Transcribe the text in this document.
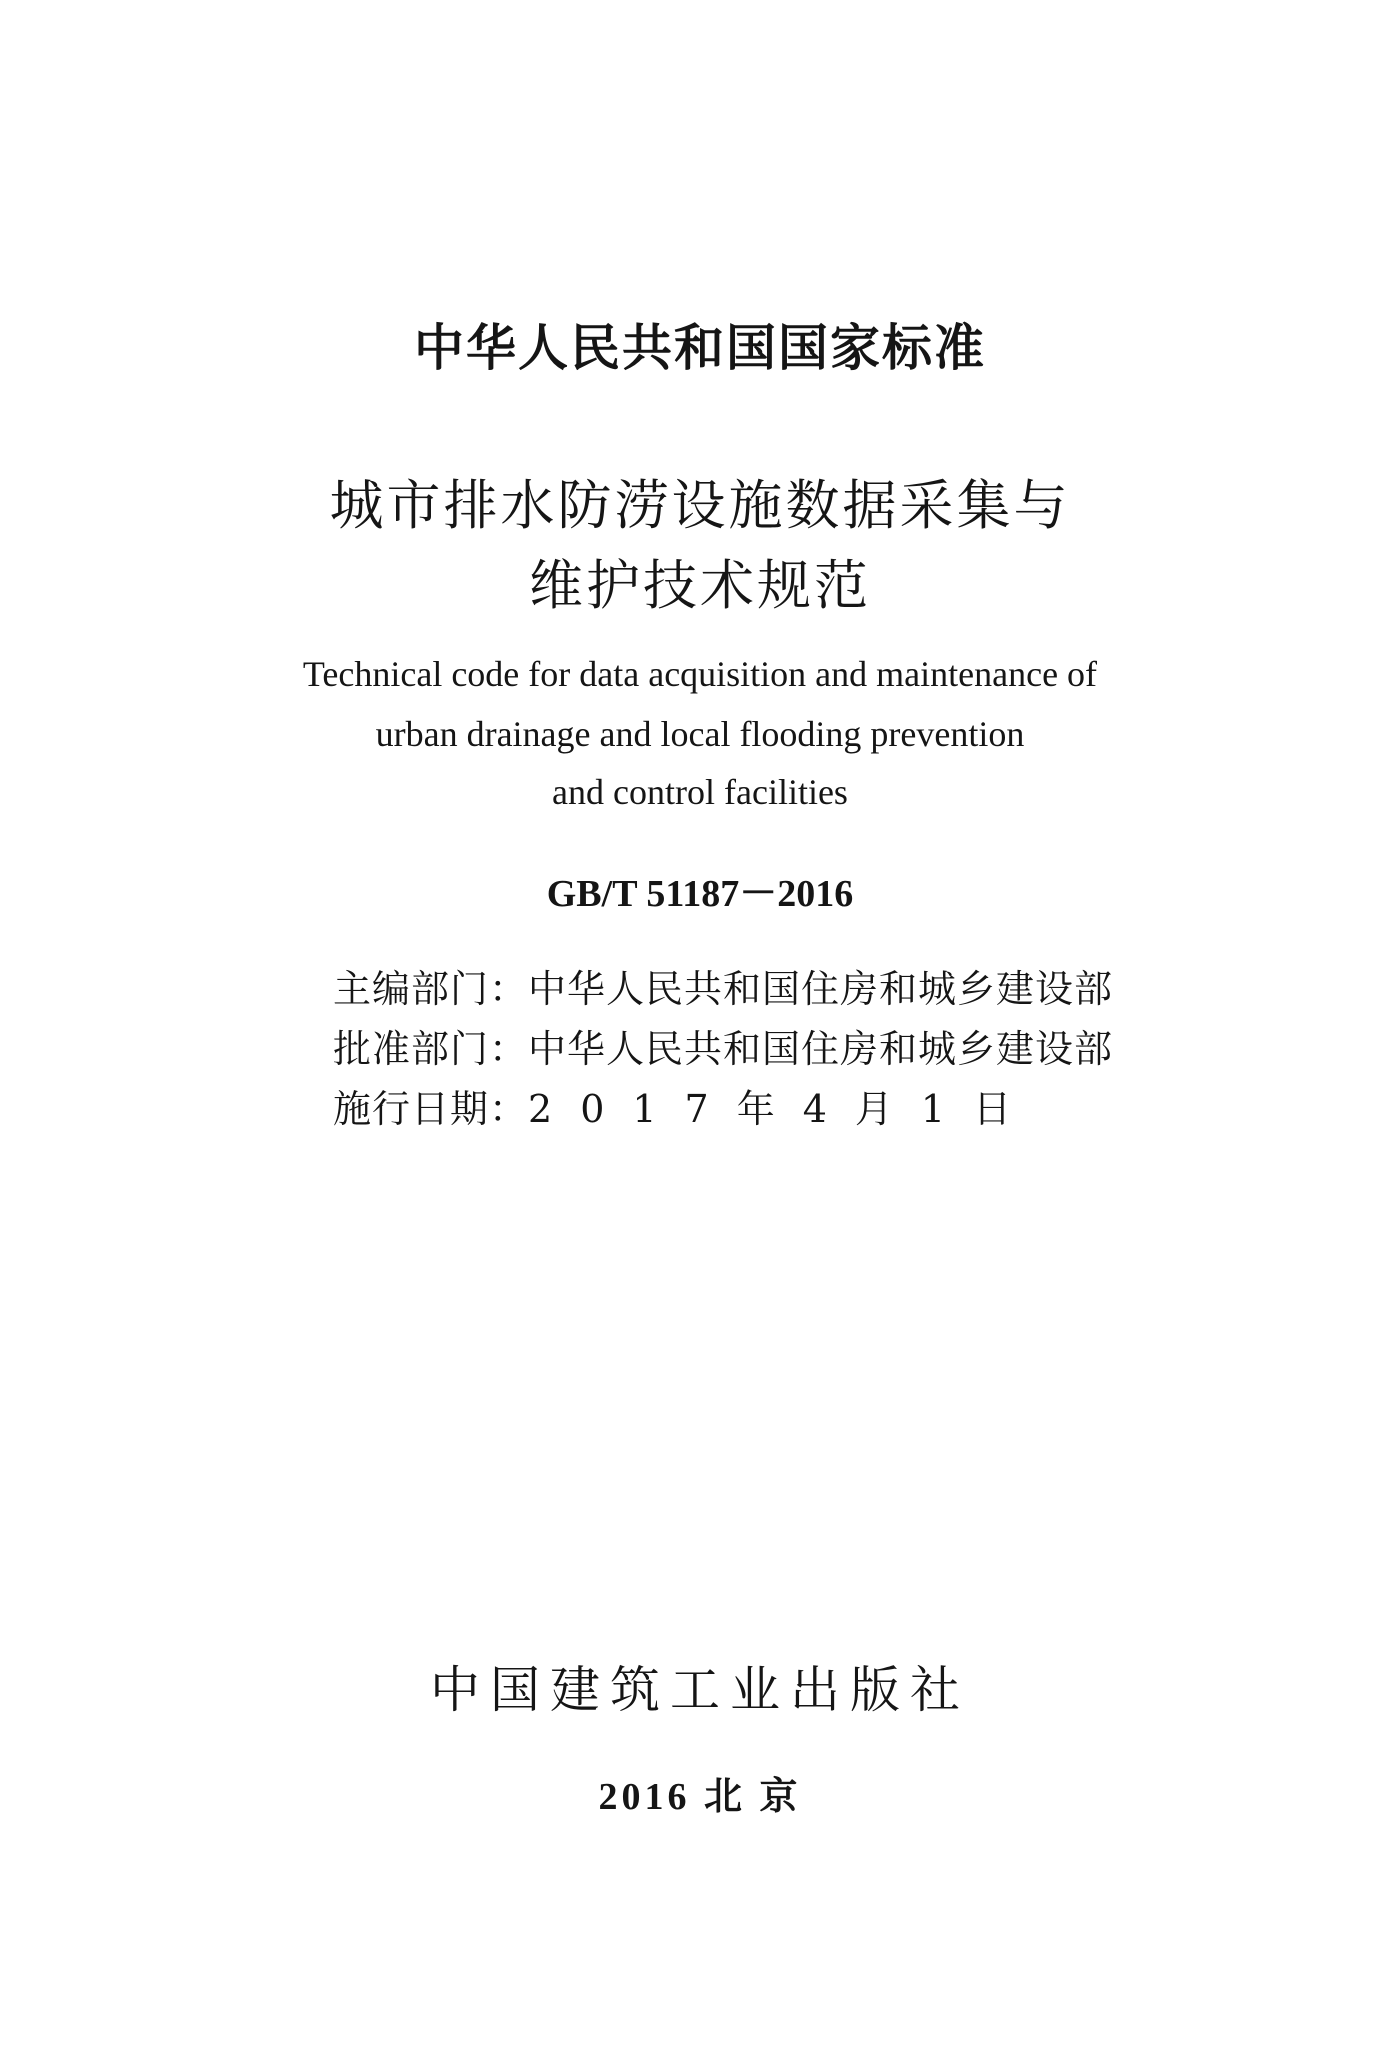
中华人民共和国国家标准
城市排水防涝设施数据采集与
维护技术规范
Technical code for data acquisition and maintenance of
urban drainage and local flooding prevention
and control facilities
GB/T 51187－2016
主编部门： 中华人民共和国住房和城乡建设部
批准部门： 中华人民共和国住房和城乡建设部
施行日期： 2017年4月1日
中国建筑工业出版社
2016 北 京
